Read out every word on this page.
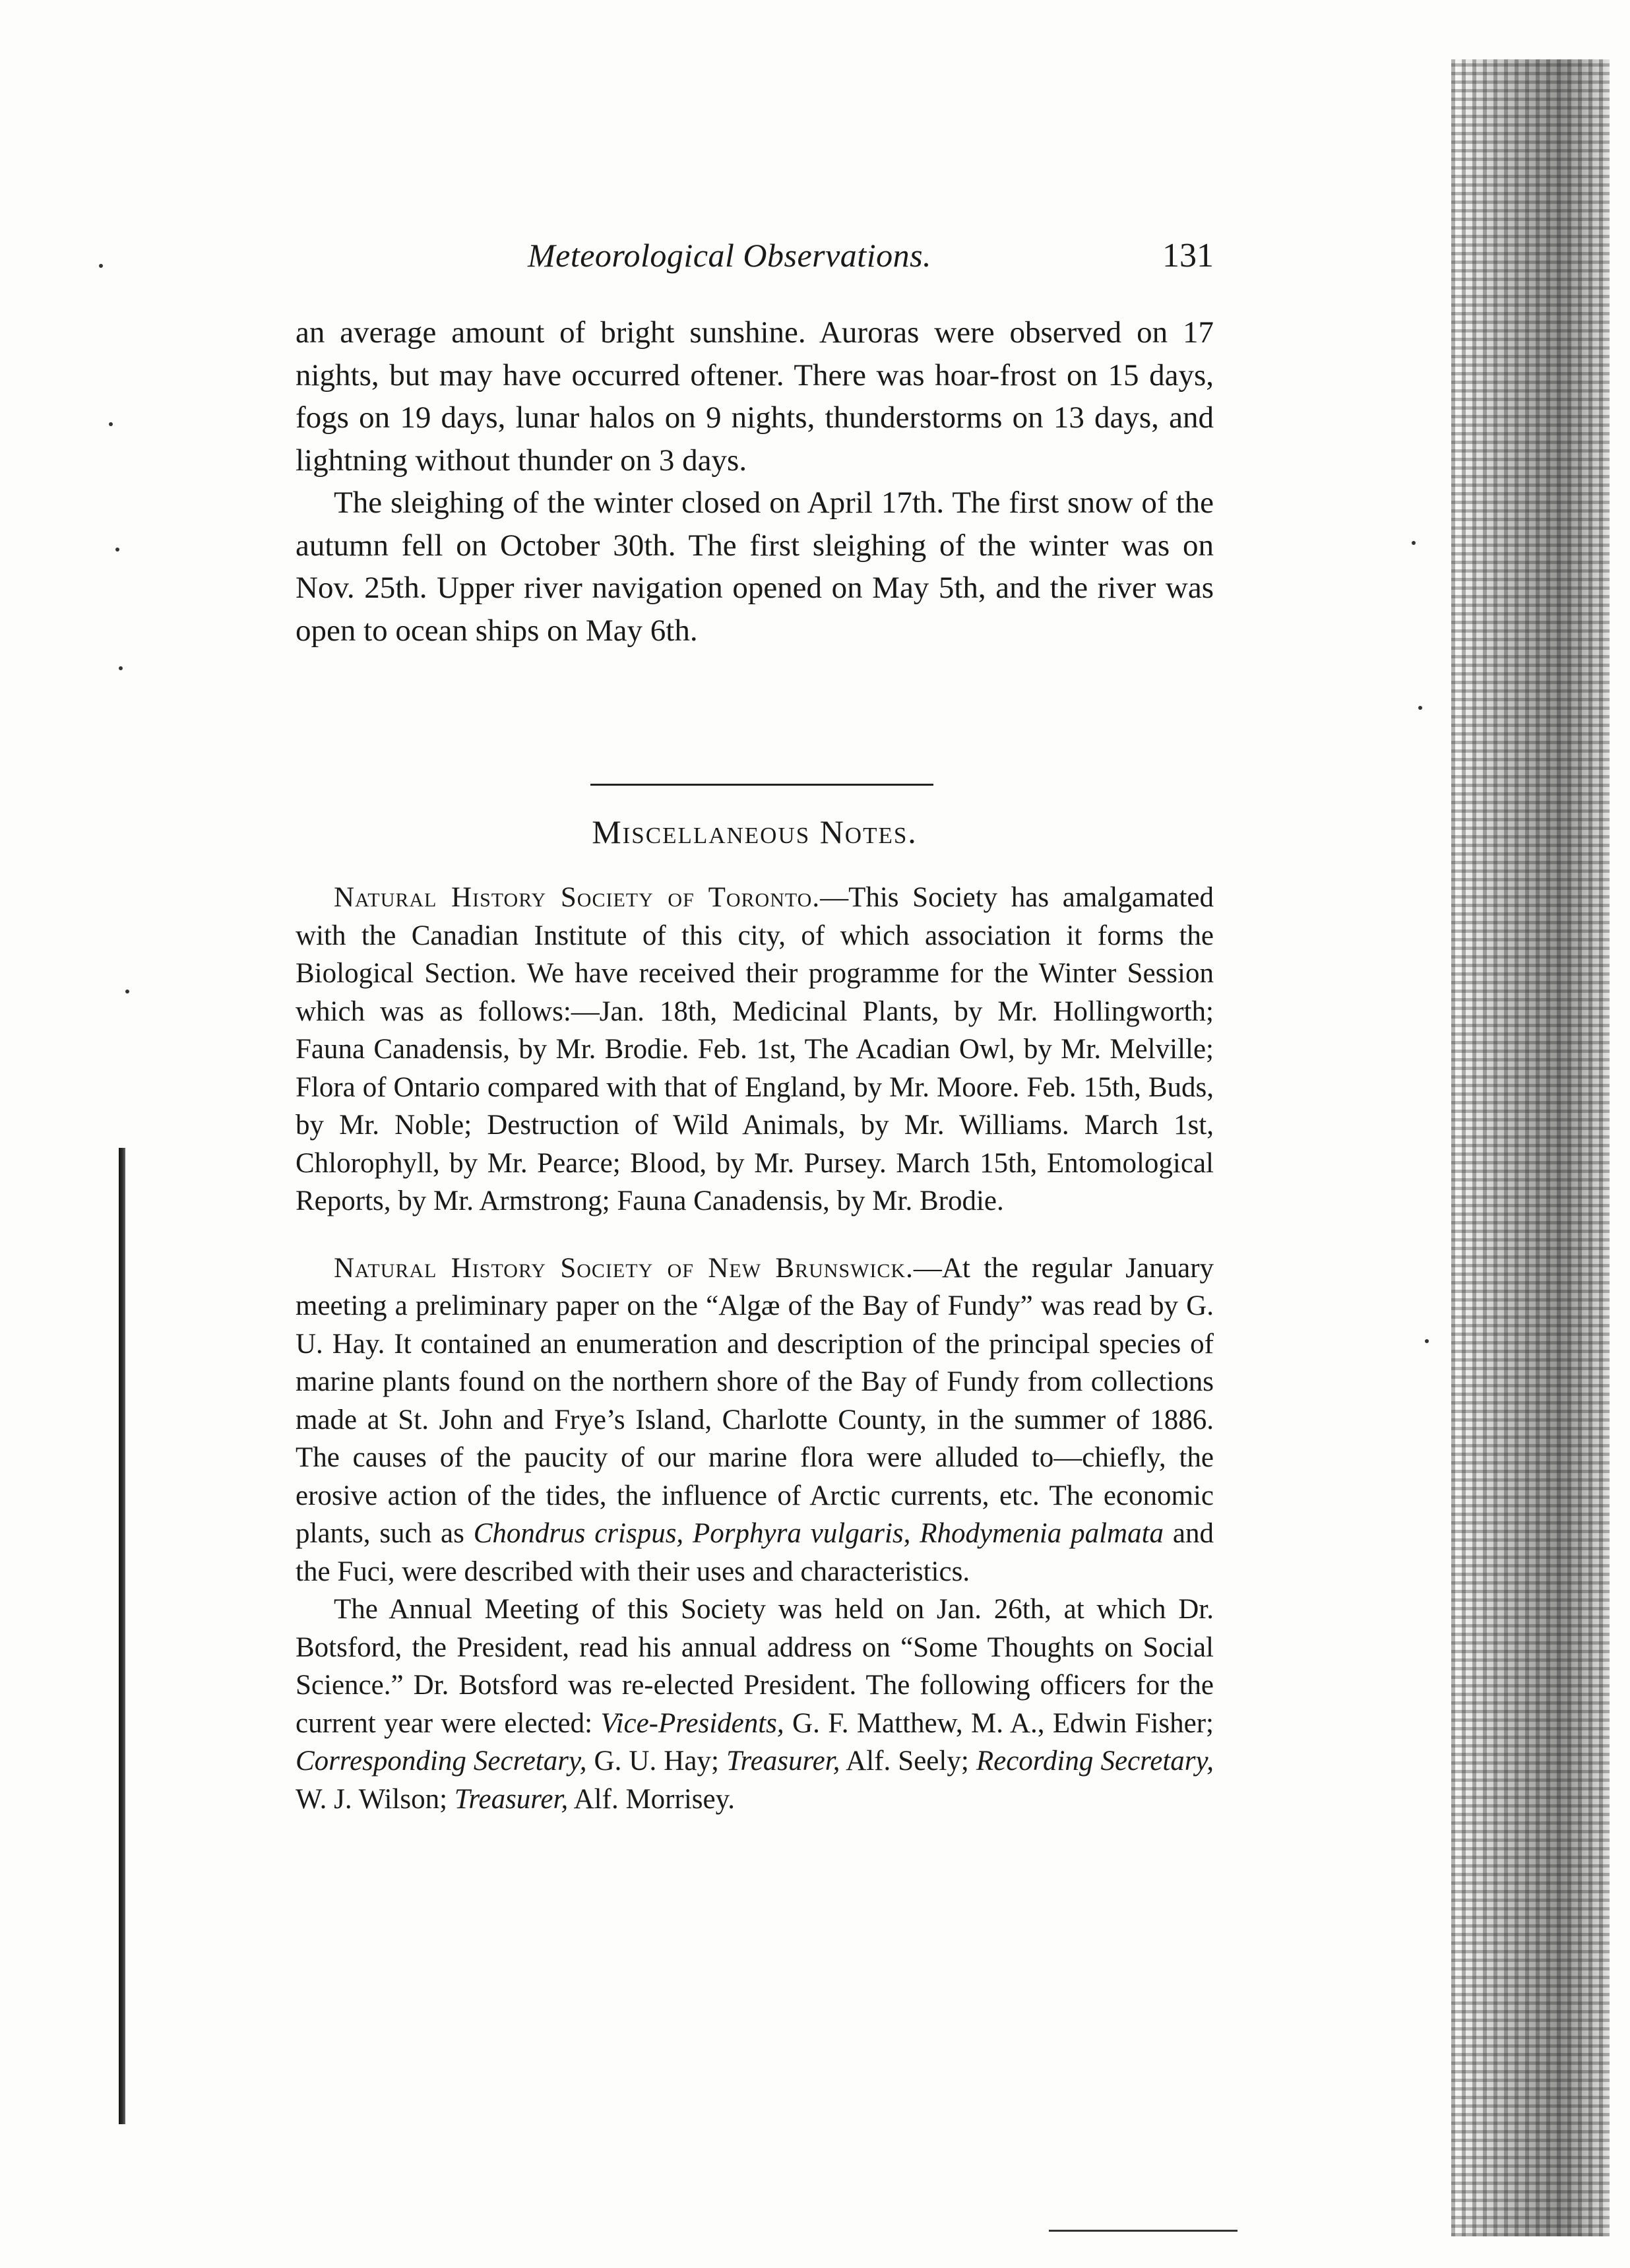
Meteorological Observations.	131

an average amount of bright sunshine. Auroras were observed on 17 nights, but may have occurred oftener. There was hoar-frost on 15 days, fogs on 19 days, lunar halos on 9 nights, thunderstorms on 13 days, and lightning without thunder on 3 days.

The sleighing of the winter closed on April 17th. The first snow of the autumn fell on October 30th. The first sleighing of the winter was on Nov. 25th. Upper river navigation opened on May 5th, and the river was open to ocean ships on May 6th.

Miscellaneous Notes.

Natural History Society of Toronto.—This Society has amalgamated with the Canadian Institute of this city, of which association it forms the Biological Section. We have received their programme for the Winter Session which was as follows:—Jan. 18th, Medicinal Plants, by Mr. Hollingworth; Fauna Canadensis, by Mr. Brodie. Feb. 1st, The Acadian Owl, by Mr. Melville; Flora of Ontario compared with that of England, by Mr. Moore. Feb. 15th, Buds, by Mr. Noble; Destruction of Wild Animals, by Mr. Williams. March 1st, Chlorophyll, by Mr. Pearce; Blood, by Mr. Pursey. March 15th, Entomological Reports, by Mr. Armstrong; Fauna Canadensis, by Mr. Brodie.

Natural History Society of New Brunswick.—At the regular January meeting a preliminary paper on the “Algæ of the Bay of Fundy” was read by G. U. Hay. It contained an enumeration and description of the principal species of marine plants found on the northern shore of the Bay of Fundy from collections made at St. John and Frye’s Island, Charlotte County, in the summer of 1886. The causes of the paucity of our marine flora were alluded to—chiefly, the erosive action of the tides, the influence of Arctic currents, etc. The economic plants, such as Chondrus crispus, Porphyra vulgaris, Rhodymenia palmata and the Fuci, were described with their uses and characteristics.

The Annual Meeting of this Society was held on Jan. 26th, at which Dr. Botsford, the President, read his annual address on “Some Thoughts on Social Science.” Dr. Botsford was re-elected President. The following officers for the current year were elected: Vice-Presidents, G. F. Matthew, M. A., Edwin Fisher; Corresponding Secretary, G. U. Hay; Treasurer, Alf. Seely; Recording Secretary, W. J. Wilson; Treasurer, Alf. Morrisey.
